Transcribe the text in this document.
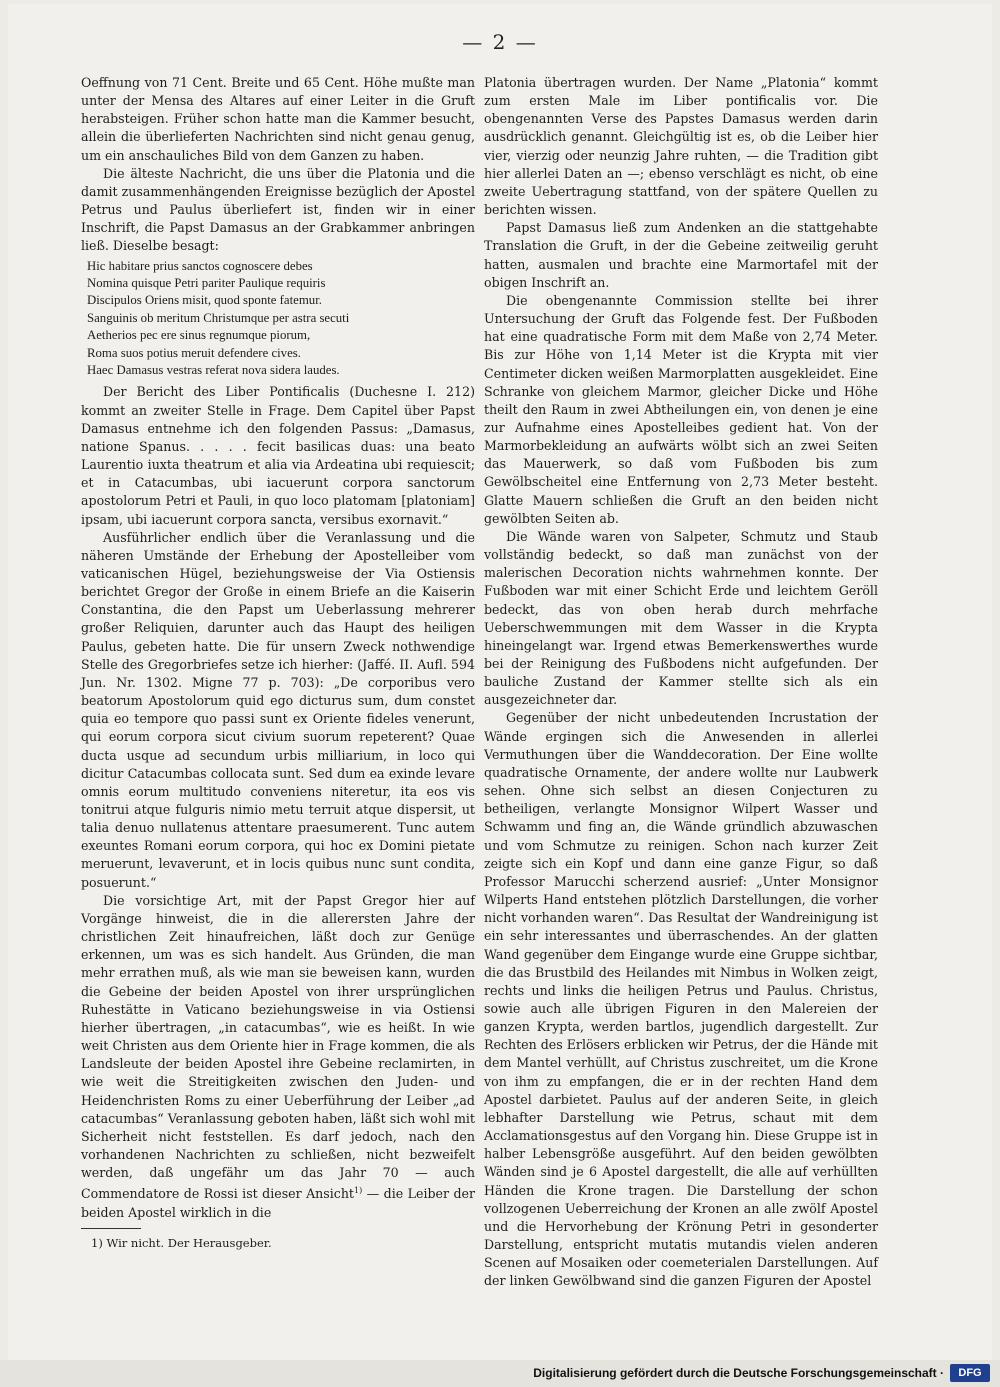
— 2 —

Oeffnung von 71 Cent. Breite und 65 Cent. Höhe mußte man unter der Mensa des Altares auf einer Leiter in die Gruft herabsteigen. Früher schon hatte man die Kammer besucht, allein die überlieferten Nachrichten sind nicht genau genug, um ein anschauliches Bild von dem Ganzen zu haben.

Die älteste Nachricht, die uns über die Platonia und die damit zusammenhängenden Ereignisse bezüglich der Apostel Petrus und Paulus überliefert ist, finden wir in einer Inschrift, die Papst Damasus an der Grabkammer anbringen ließ. Dieselbe besagt:

Hic habitare prius sanctos cognoscere debes
Nomina quisque Petri pariter Paulique requiris
Discipulos Oriens misit, quod sponte fatemur.
Sanguinis ob meritum Christumque per astra secuti
Aetherios pec ere sinus regnumque piorum,
Roma suos potius meruit defendere cives.
Haec Damasus vestras referat nova sidera laudes.

Der Bericht des Liber Pontificalis (Duchesne I. 212) kommt an zweiter Stelle in Frage. Dem Capitel über Papst Damasus entnehme ich den folgenden Passus: „Damasus, natione Spanus. . . . . fecit basilicas duas: una beato Laurentio iuxta theatrum et alia via Ardeatina ubi requiescit; et in Catacumbas, ubi iacuerunt corpora sanctorum apostolorum Petri et Pauli, in quo loco platomam [platoniam] ipsam, ubi iacuerunt corpora sancta, versibus exornavit.“

Ausführlicher endlich über die Veranlassung und die näheren Umstände der Erhebung der Apostelleiber vom vaticanischen Hügel, beziehungsweise der Via Ostiensis berichtet Gregor der Große in einem Briefe an die Kaiserin Constantina, die den Papst um Ueberlassung mehrerer großer Reliquien, darunter auch das Haupt des heiligen Paulus, gebeten hatte. Die für unsern Zweck nothwendige Stelle des Gregorbriefes setze ich hierher: (Jaffé. II. Aufl. 594 Jun. Nr. 1302. Migne 77 p. 703): „De corporibus vero beatorum Apostolorum quid ego dicturus sum, dum constet quia eo tempore quo passi sunt ex Oriente fideles venerunt, qui eorum corpora sicut civium suorum repeterent? Quae ducta usque ad secundum urbis milliarium, in loco qui dicitur Catacumbas collocata sunt. Sed dum ea exinde levare omnis eorum multitudo conveniens niteretur, ita eos vis tonitrui atque fulguris nimio metu terruit atque dispersit, ut talia denuo nullatenus attentare praesumerent. Tunc autem exeuntes Romani eorum corpora, qui hoc ex Domini pietate meruerunt, levaverunt, et in locis quibus nunc sunt condita, posuerunt.“

Die vorsichtige Art, mit der Papst Gregor hier auf Vorgänge hinweist, die in die allerersten Jahre der christlichen Zeit hinaufreichen, läßt doch zur Genüge erkennen, um was es sich handelt. Aus Gründen, die man mehr errathen muß, als wie man sie beweisen kann, wurden die Gebeine der beiden Apostel von ihrer ursprünglichen Ruhestätte in Vaticano beziehungsweise in via Ostiensi hierher übertragen, „in catacumbas“, wie es heißt. In wie weit Christen aus dem Oriente hier in Frage kommen, die als Landsleute der beiden Apostel ihre Gebeine reclamirten, in wie weit die Streitigkeiten zwischen den Juden- und Heidenchristen Roms zu einer Ueberführung der Leiber „ad catacumbas“ Veranlassung geboten haben, läßt sich wohl mit Sicherheit nicht feststellen. Es darf jedoch, nach den vorhandenen Nachrichten zu schließen, nicht bezweifelt werden, daß ungefähr um das Jahr 70 — auch Commendatore de Rossi ist dieser Ansicht$^{1)}$ — die Leiber der beiden Apostel wirklich in die

1) Wir nicht. Der Herausgeber.

Platonia übertragen wurden. Der Name „Platonia“ kommt zum ersten Male im Liber pontificalis vor. Die obengenannten Verse des Papstes Damasus werden darin ausdrücklich genannt. Gleichgültig ist es, ob die Leiber hier vier, vierzig oder neunzig Jahre ruhten, — die Tradition gibt hier allerlei Daten an —; ebenso verschlägt es nicht, ob eine zweite Uebertragung stattfand, von der spätere Quellen zu berichten wissen.

Papst Damasus ließ zum Andenken an die stattgehabte Translation die Gruft, in der die Gebeine zeitweilig geruht hatten, ausmalen und brachte eine Marmortafel mit der obigen Inschrift an.

Die obengenannte Commission stellte bei ihrer Untersuchung der Gruft das Folgende fest. Der Fußboden hat eine quadratische Form mit dem Maße von 2,74 Meter. Bis zur Höhe von 1,14 Meter ist die Krypta mit vier Centimeter dicken weißen Marmorplatten ausgekleidet. Eine Schranke von gleichem Marmor, gleicher Dicke und Höhe theilt den Raum in zwei Abtheilungen ein, von denen je eine zur Aufnahme eines Apostelleibes gedient hat. Von der Marmorbekleidung an aufwärts wölbt sich an zwei Seiten das Mauerwerk, so daß vom Fußboden bis zum Gewölbscheitel eine Entfernung von 2,73 Meter besteht. Glatte Mauern schließen die Gruft an den beiden nicht gewölbten Seiten ab.

Die Wände waren von Salpeter, Schmutz und Staub vollständig bedeckt, so daß man zunächst von der malerischen Decoration nichts wahrnehmen konnte. Der Fußboden war mit einer Schicht Erde und leichtem Geröll bedeckt, das von oben herab durch mehrfache Ueberschwemmungen mit dem Wasser in die Krypta hineingelangt war. Irgend etwas Bemerkenswerthes wurde bei der Reinigung des Fußbodens nicht aufgefunden. Der bauliche Zustand der Kammer stellte sich als ein ausgezeichneter dar.

Gegenüber der nicht unbedeutenden Incrustation der Wände ergingen sich die Anwesenden in allerlei Vermuthungen über die Wanddecoration. Der Eine wollte quadratische Ornamente, der andere wollte nur Laubwerk sehen. Ohne sich selbst an diesen Conjecturen zu betheiligen, verlangte Monsignor Wilpert Wasser und Schwamm und fing an, die Wände gründlich abzuwaschen und vom Schmutze zu reinigen. Schon nach kurzer Zeit zeigte sich ein Kopf und dann eine ganze Figur, so daß Professor Marucchi scherzend ausrief: „Unter Monsignor Wilperts Hand entstehen plötzlich Darstellungen, die vorher nicht vorhanden waren“. Das Resultat der Wandreinigung ist ein sehr interessantes und überraschendes. An der glatten Wand gegenüber dem Eingange wurde eine Gruppe sichtbar, die das Brustbild des Heilandes mit Nimbus in Wolken zeigt, rechts und links die heiligen Petrus und Paulus. Christus, sowie auch alle übrigen Figuren in den Malereien der ganzen Krypta, werden bartlos, jugendlich dargestellt. Zur Rechten des Erlösers erblicken wir Petrus, der die Hände mit dem Mantel verhüllt, auf Christus zuschreitet, um die Krone von ihm zu empfangen, die er in der rechten Hand dem Apostel darbietet. Paulus auf der anderen Seite, in gleich lebhafter Darstellung wie Petrus, schaut mit dem Acclamationsgestus auf den Vorgang hin. Diese Gruppe ist in halber Lebensgröße ausgeführt. Auf den beiden gewölbten Wänden sind je 6 Apostel dargestellt, die alle auf verhüllten Händen die Krone tragen. Die Darstellung der schon vollzogenen Ueberreichung der Kronen an alle zwölf Apostel und die Hervorhebung der Krönung Petri in gesonderter Darstellung, entspricht mutatis mutandis vielen anderen Scenen auf Mosaiken oder coemeterialen Darstellungen. Auf der linken Gewölbwand sind die ganzen Figuren der Apostel

Digitalisierung gefördert durch die Deutsche Forschungsgemeinschaft ·	DFG
